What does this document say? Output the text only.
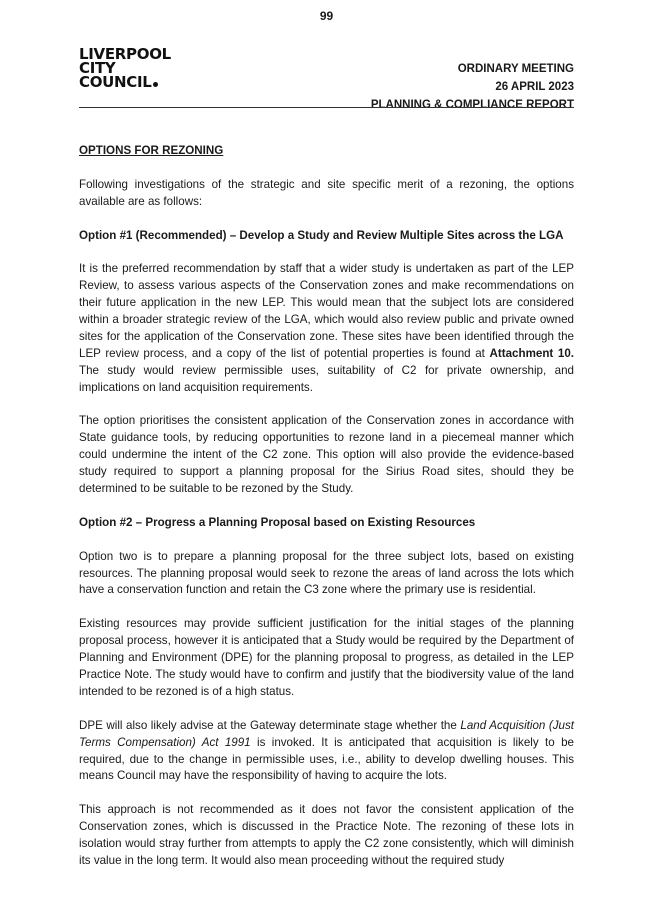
99
LIVERPOOL
CITY
COUNCIL
ORDINARY MEETING
26 APRIL 2023
PLANNING & COMPLIANCE REPORT

OPTIONS FOR REZONING

Following investigations of the strategic and site specific merit of a rezoning, the options available are as follows:

Option #1 (Recommended) – Develop a Study and Review Multiple Sites across the LGA

It is the preferred recommendation by staff that a wider study is undertaken as part of the LEP Review, to assess various aspects of the Conservation zones and make recommendations on their future application in the new LEP. This would mean that the subject lots are considered within a broader strategic review of the LGA, which would also review public and private owned sites for the application of the Conservation zone. These sites have been identified through the LEP review process, and a copy of the list of potential properties is found at Attachment 10. The study would review permissible uses, suitability of C2 for private ownership, and implications on land acquisition requirements.

The option prioritises the consistent application of the Conservation zones in accordance with State guidance tools, by reducing opportunities to rezone land in a piecemeal manner which could undermine the intent of the C2 zone. This option will also provide the evidence-based study required to support a planning proposal for the Sirius Road sites, should they be determined to be suitable to be rezoned by the Study.

Option #2 – Progress a Planning Proposal based on Existing Resources

Option two is to prepare a planning proposal for the three subject lots, based on existing resources. The planning proposal would seek to rezone the areas of land across the lots which have a conservation function and retain the C3 zone where the primary use is residential.

Existing resources may provide sufficient justification for the initial stages of the planning proposal process, however it is anticipated that a Study would be required by the Department of Planning and Environment (DPE) for the planning proposal to progress, as detailed in the LEP Practice Note. The study would have to confirm and justify that the biodiversity value of the land intended to be rezoned is of a high status.

DPE will also likely advise at the Gateway determinate stage whether the Land Acquisition (Just Terms Compensation) Act 1991 is invoked. It is anticipated that acquisition is likely to be required, due to the change in permissible uses, i.e., ability to develop dwelling houses. This means Council may have the responsibility of having to acquire the lots.

This approach is not recommended as it does not favor the consistent application of the Conservation zones, which is discussed in the Practice Note. The rezoning of these lots in isolation would stray further from attempts to apply the C2 zone consistently, which will diminish its value in the long term. It would also mean proceeding without the required study
